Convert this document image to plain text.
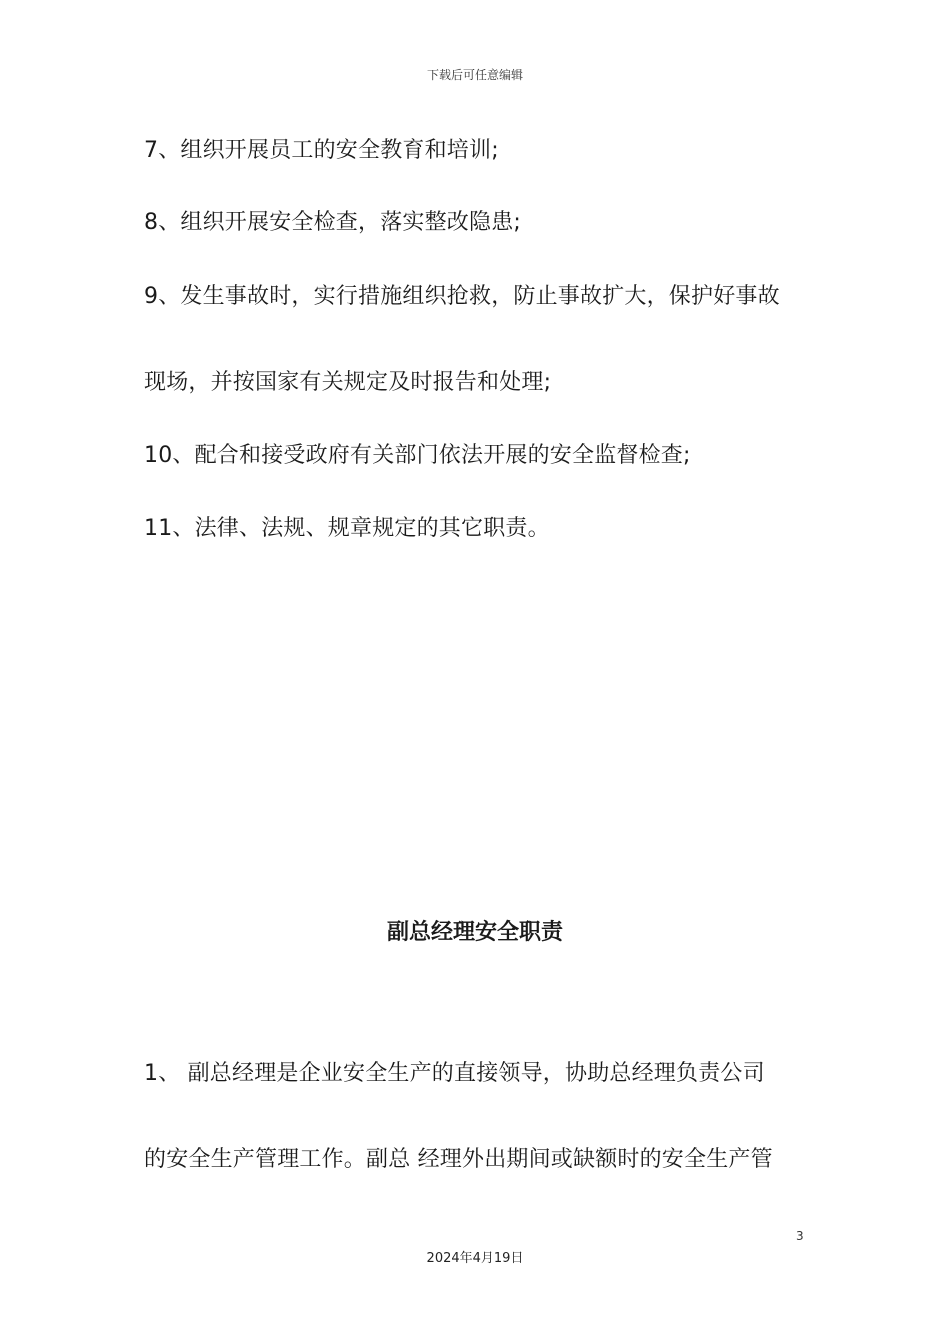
下载后可任意编辑
7、组织开展员工的安全教育和培训;
8、组织开展安全检查，落实整改隐患;
9、发生事故时，实行措施组织抢救，防止事故扩大，保护好事故
现场，并按国家有关规定及时报告和处理;
10、配合和接受政府有关部门依法开展的安全监督检查;
11、法律、法规、规章规定的其它职责。
副总经理安全职责
1、 副总经理是企业安全生产的直接领导，协助总经理负责公司
的安全生产管理工作。副总 经理外出期间或缺额时的安全生产管
3
2024年4月19日
